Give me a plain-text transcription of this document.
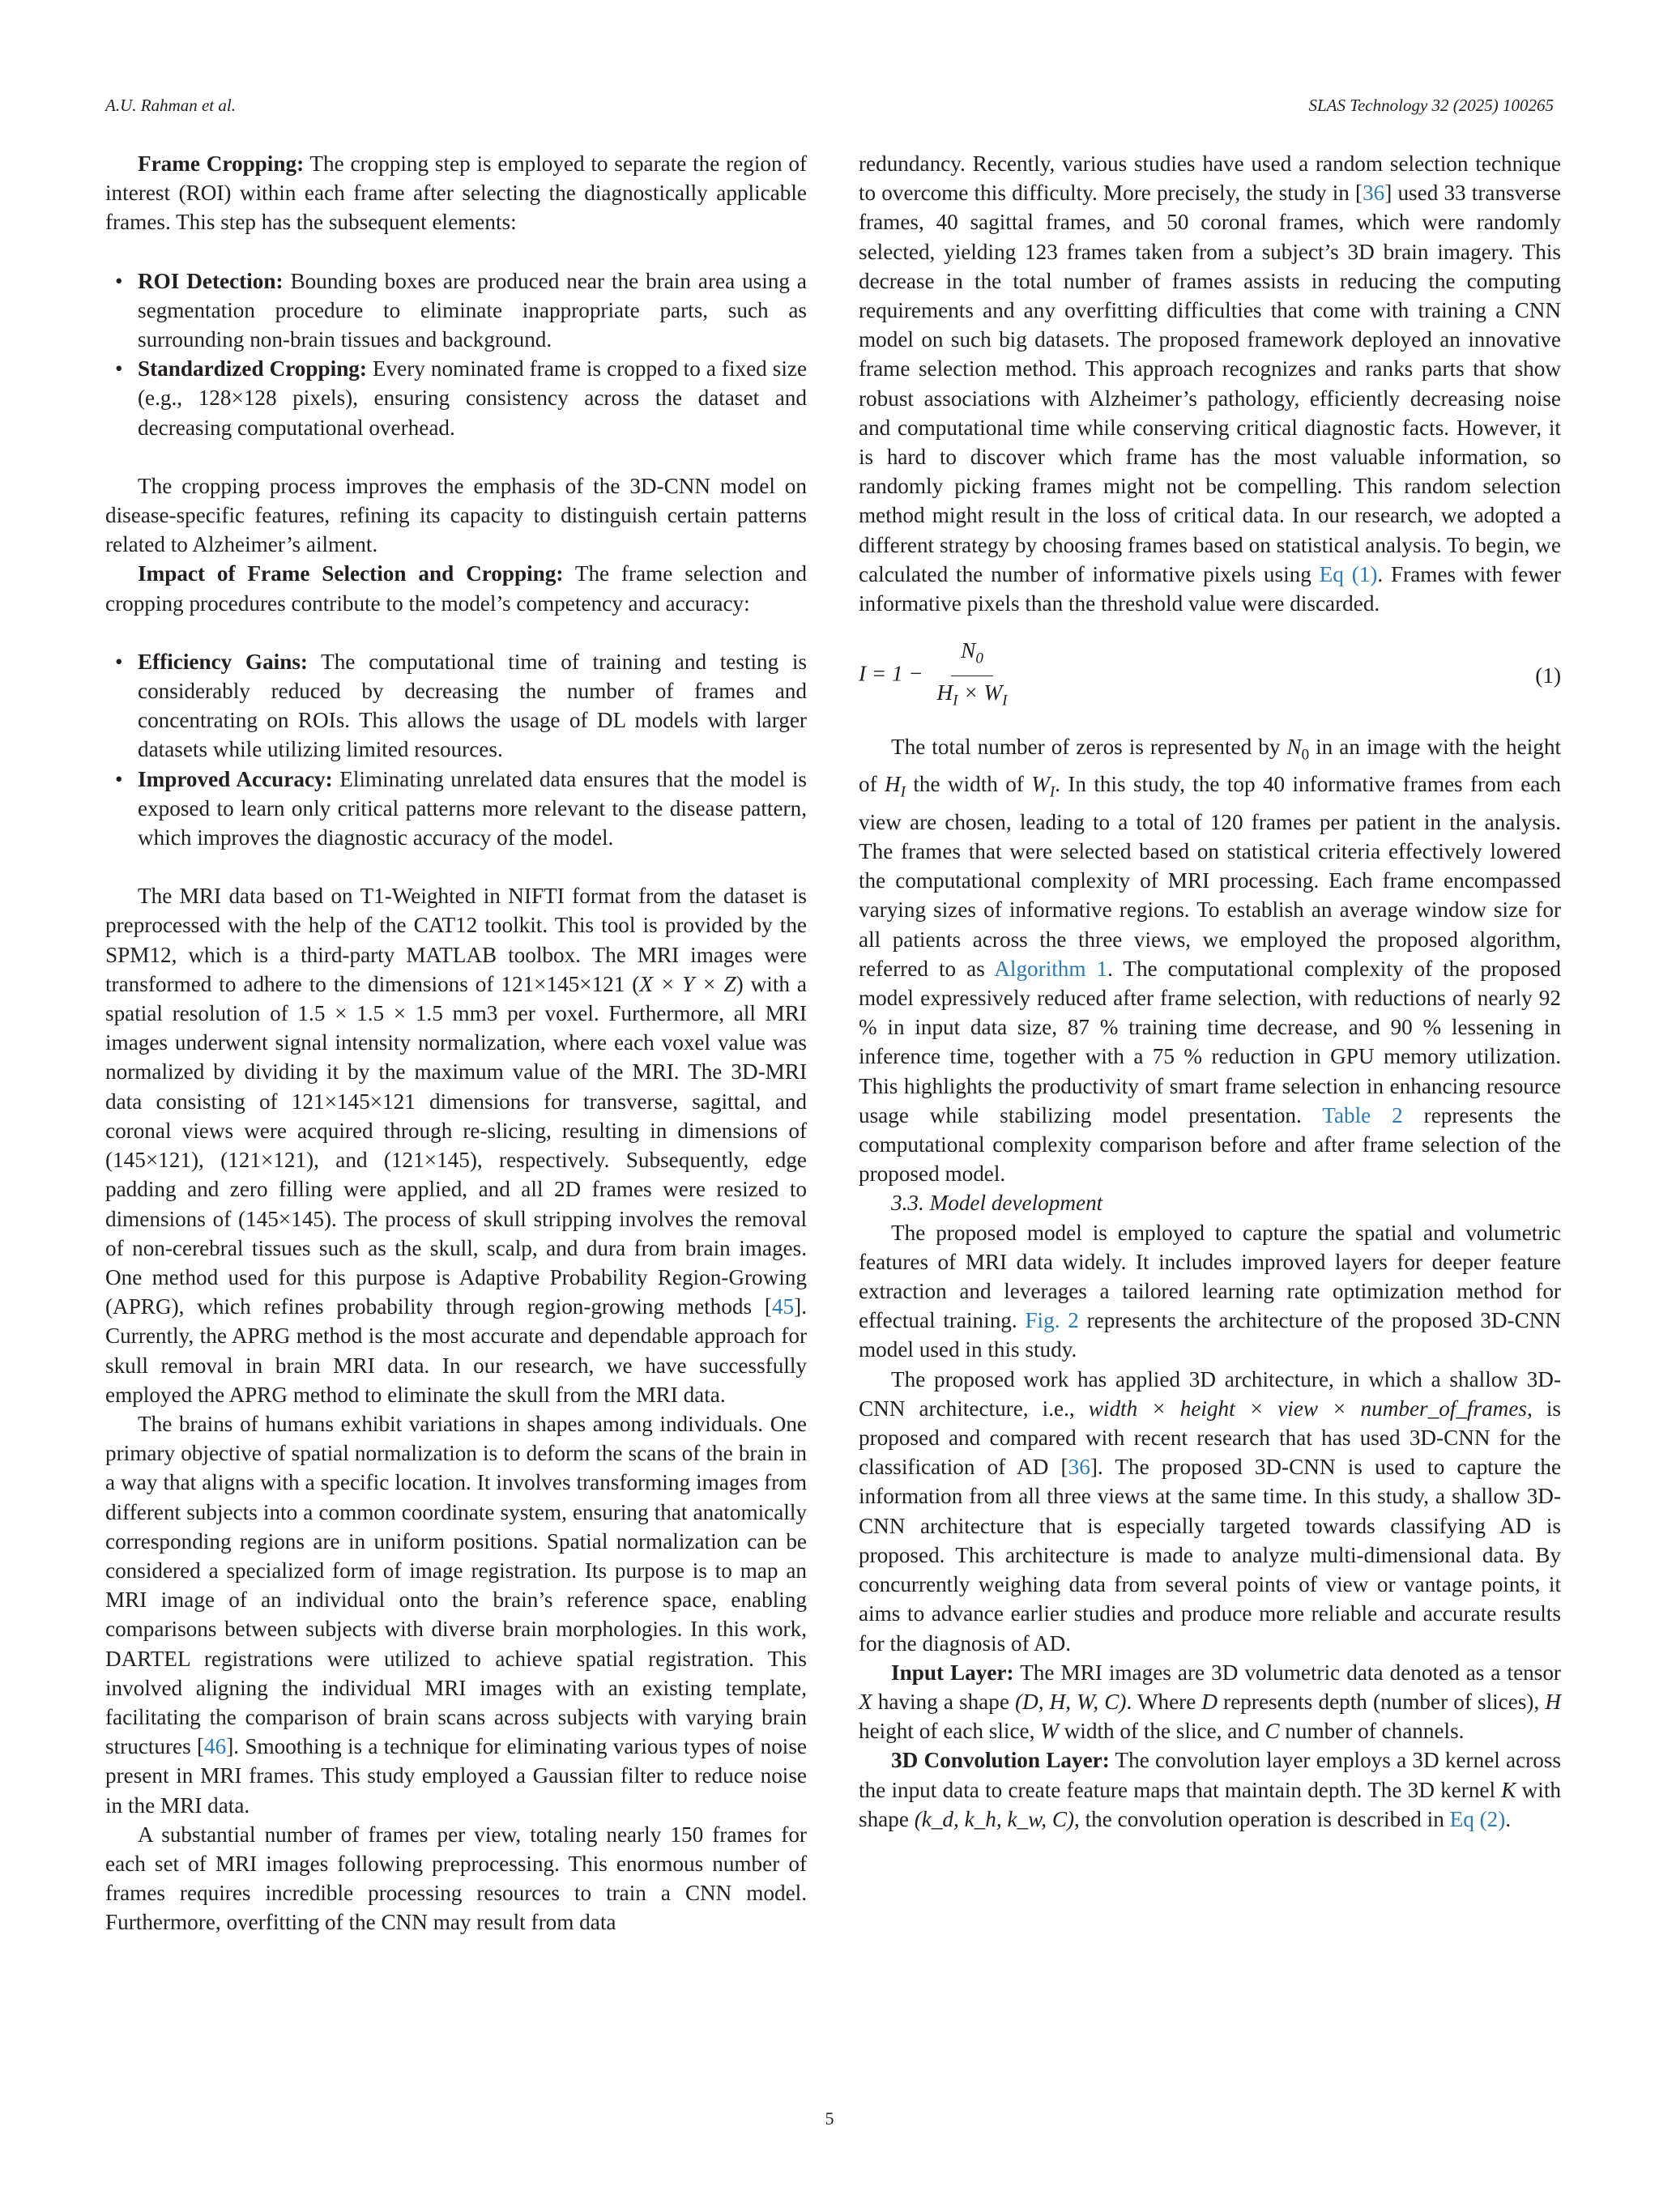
A.U. Rahman et al.	SLAS Technology 32 (2025) 100265

Frame Cropping: The cropping step is employed to separate the region of interest (ROI) within each frame after selecting the diagnostically applicable frames. This step has the subsequent elements:

• ROI Detection: Bounding boxes are produced near the brain area using a segmentation procedure to eliminate inappropriate parts, such as surrounding non-brain tissues and background.
• Standardized Cropping: Every nominated frame is cropped to a fixed size (e.g., 128×128 pixels), ensuring consistency across the dataset and decreasing computational overhead.

The cropping process improves the emphasis of the 3D-CNN model on disease-specific features, refining its capacity to distinguish certain patterns related to Alzheimer’s ailment.

Impact of Frame Selection and Cropping: The frame selection and cropping procedures contribute to the model’s competency and accuracy:

• Efficiency Gains: The computational time of training and testing is considerably reduced by decreasing the number of frames and concentrating on ROIs. This allows the usage of DL models with larger datasets while utilizing limited resources.
• Improved Accuracy: Eliminating unrelated data ensures that the model is exposed to learn only critical patterns more relevant to the disease pattern, which improves the diagnostic accuracy of the model.

The MRI data based on T1-Weighted in NIFTI format from the dataset is preprocessed with the help of the CAT12 toolkit. This tool is provided by the SPM12, which is a third-party MATLAB toolbox. The MRI images were transformed to adhere to the dimensions of 121×145×121 (X × Y × Z) with a spatial resolution of 1.5 × 1.5 × 1.5 mm3 per voxel. Furthermore, all MRI images underwent signal intensity normalization, where each voxel value was normalized by dividing it by the maximum value of the MRI. The 3D-MRI data consisting of 121×145×121 dimensions for transverse, sagittal, and coronal views were acquired through re-slicing, resulting in dimensions of (145×121), (121×121), and (121×145), respectively. Subsequently, edge padding and zero filling were applied, and all 2D frames were resized to dimensions of (145×145). The process of skull stripping involves the removal of non-cerebral tissues such as the skull, scalp, and dura from brain images. One method used for this purpose is Adaptive Probability Region-Growing (APRG), which refines probability through region-growing methods [45]. Currently, the APRG method is the most accurate and dependable approach for skull removal in brain MRI data. In our research, we have successfully employed the APRG method to eliminate the skull from the MRI data.

The brains of humans exhibit variations in shapes among individuals. One primary objective of spatial normalization is to deform the scans of the brain in a way that aligns with a specific location. It involves transforming images from different subjects into a common coordinate system, ensuring that anatomically corresponding regions are in uniform positions. Spatial normalization can be considered a specialized form of image registration. Its purpose is to map an MRI image of an individual onto the brain’s reference space, enabling comparisons between subjects with diverse brain morphologies. In this work, DARTEL registrations were utilized to achieve spatial registration. This involved aligning the individual MRI images with an existing template, facilitating the comparison of brain scans across subjects with varying brain structures [46]. Smoothing is a technique for eliminating various types of noise present in MRI frames. This study employed a Gaussian filter to reduce noise in the MRI data.

A substantial number of frames per view, totaling nearly 150 frames for each set of MRI images following preprocessing. This enormous number of frames requires incredible processing resources to train a CNN model. Furthermore, overfitting of the CNN may result from data

redundancy. Recently, various studies have used a random selection technique to overcome this difficulty. More precisely, the study in [36] used 33 transverse frames, 40 sagittal frames, and 50 coronal frames, which were randomly selected, yielding 123 frames taken from a subject’s 3D brain imagery. This decrease in the total number of frames assists in reducing the computing requirements and any overfitting difficulties that come with training a CNN model on such big datasets. The proposed framework deployed an innovative frame selection method. This approach recognizes and ranks parts that show robust associations with Alzheimer’s pathology, efficiently decreasing noise and computational time while conserving critical diagnostic facts. However, it is hard to discover which frame has the most valuable information, so randomly picking frames might not be compelling. This random selection method might result in the loss of critical data. In our research, we adopted a different strategy by choosing frames based on statistical analysis. To begin, we calculated the number of informative pixels using Eq (1). Frames with fewer informative pixels than the threshold value were discarded.

$I = 1 - \frac{N_0}{H_I \times W_I}$	(1)

The total number of zeros is represented by $N_0$ in an image with the height of $H_I$ the width of $W_I$. In this study, the top 40 informative frames from each view are chosen, leading to a total of 120 frames per patient in the analysis. The frames that were selected based on statistical criteria effectively lowered the computational complexity of MRI processing. Each frame encompassed varying sizes of informative regions. To establish an average window size for all patients across the three views, we employed the proposed algorithm, referred to as Algorithm 1. The computational complexity of the proposed model expressively reduced after frame selection, with reductions of nearly 92 % in input data size, 87 % training time decrease, and 90 % lessening in inference time, together with a 75 % reduction in GPU memory utilization. This highlights the productivity of smart frame selection in enhancing resource usage while stabilizing model presentation. Table 2 represents the computational complexity comparison before and after frame selection of the proposed model.

3.3. Model development

The proposed model is employed to capture the spatial and volumetric features of MRI data widely. It includes improved layers for deeper feature extraction and leverages a tailored learning rate optimization method for effectual training. Fig. 2 represents the architecture of the proposed 3D-CNN model used in this study.

The proposed work has applied 3D architecture, in which a shallow 3D-CNN architecture, i.e., width × height × view × number_of_frames, is proposed and compared with recent research that has used 3D-CNN for the classification of AD [36]. The proposed 3D-CNN is used to capture the information from all three views at the same time. In this study, a shallow 3D-CNN architecture that is especially targeted towards classifying AD is proposed. This architecture is made to analyze multi-dimensional data. By concurrently weighing data from several points of view or vantage points, it aims to advance earlier studies and produce more reliable and accurate results for the diagnosis of AD.

Input Layer: The MRI images are 3D volumetric data denoted as a tensor X having a shape (D, H, W, C). Where D represents depth (number of slices), H height of each slice, W width of the slice, and C number of channels.

3D Convolution Layer: The convolution layer employs a 3D kernel across the input data to create feature maps that maintain depth. The 3D kernel K with shape (k_d, k_h, k_w, C), the convolution operation is described in Eq (2).

5
